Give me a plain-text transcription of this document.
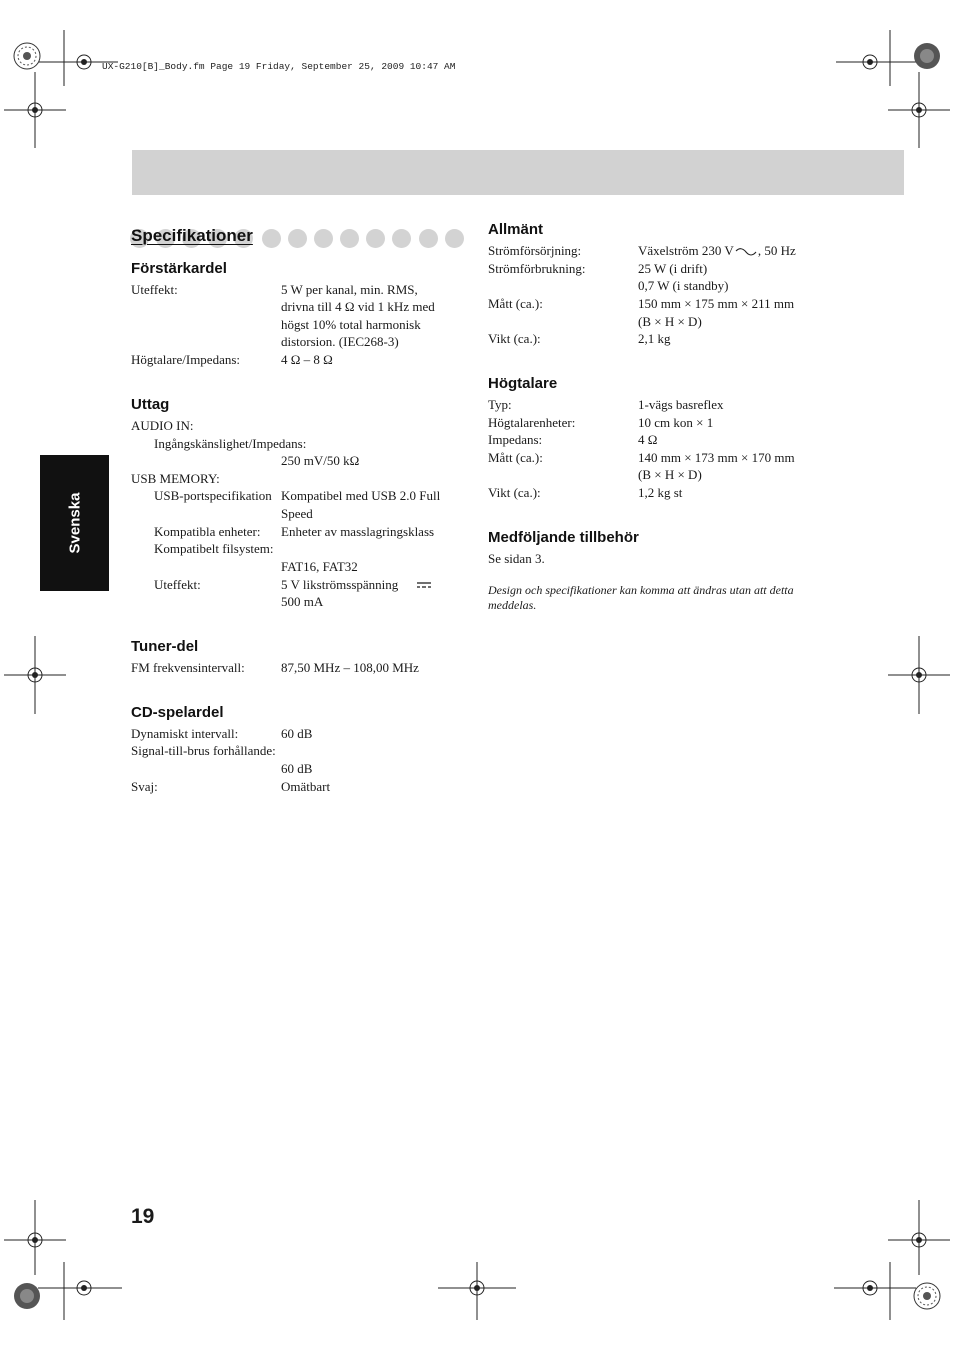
UX-G210[B]_Body.fm Page 19 Friday, September 25, 2009 10:47 AM
Svenska
Specifikationer
Förstärkardel
Uteffekt:	5 W per kanal, min. RMS,
drivna till 4 Ω vid 1 kHz med
högst 10% total harmonisk
distorsion. (IEC268-3)
Högtalare/Impedans:	4 Ω – 8 Ω
Uttag
AUDIO IN:
Ingångskänslighet/Impedans:
250 mV/50 kΩ
USB MEMORY:
USB-portspecifikation Kompatibel med USB 2.0 Full
Speed
Kompatibla enheter: Enheter av masslagringsklass
Kompatibelt filsystem:
FAT16, FAT32
Uteffekt:	5 V likströmsspänning
500 mA
Tuner-del
FM frekvensintervall:	87,50 MHz – 108,00 MHz
CD-spelardel
Dynamiskt intervall:	60 dB
Signal-till-brus forhållande:
60 dB
Svaj:	Omätbart
Allmänt
Strömförsörjning:	Växelström 230 V , 50 Hz
Strömförbrukning:	25 W (i drift)
0,7 W (i standby)
Mått (ca.):	150 mm × 175 mm × 211 mm
(B × H × D)
Vikt (ca.):	2,1 kg
Högtalare
Typ:	1-vägs basreflex
Högtalarenheter:	10 cm kon × 1
Impedans:	4 Ω
Mått (ca.):	140 mm × 173 mm × 170 mm
(B × H × D)
Vikt (ca.):	1,2 kg st
Medföljande tillbehör
Se sidan 3.
Design och specifikationer kan komma att ändras utan att detta meddelas.
19
